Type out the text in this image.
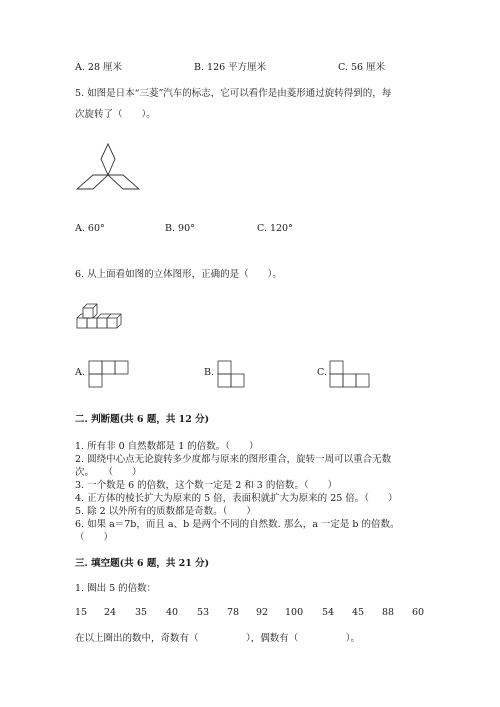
A. 28 厘米	B. 126 平方厘米	C. 56 厘米
5. 如图是日本“三菱”汽车的标志，它可以看作是由菱形通过旋转得到的，每
次旋转了（　　）。
A. 60°	B. 90°	C. 120°
6. 从上面看如图的立体图形，正确的是（　　）。
A.	B.	C.
二. 判断题(共 6 题，共 12 分)
1. 所有非 0 自然数都是 1 的倍数。（　　）
2. 圆绕中心点无论旋转多少度都与原来的图形重合，旋转一周可以重合无数
次。　　（　　）
3. 一个数是 6 的倍数，这个数一定是 2 和 3 的倍数。（　　）
4. 正方体的棱长扩大为原来的 5 倍，表面积就扩大为原来的 25 倍。（　　）
5. 除 2 以外所有的质数都是奇数。（　　）
6. 如果 a＝7b，而且 a、b 是两个不同的自然数. 那么，a 一定是 b 的倍数。
（　　）
三. 填空题(共 6 题，共 21 分)
1. 圈出 5 的倍数：
15 24 35 40 53 78 92 100 54 45 88 60
在以上圈出的数中，奇数有（　　　　　），偶数有（　　　　　）。
